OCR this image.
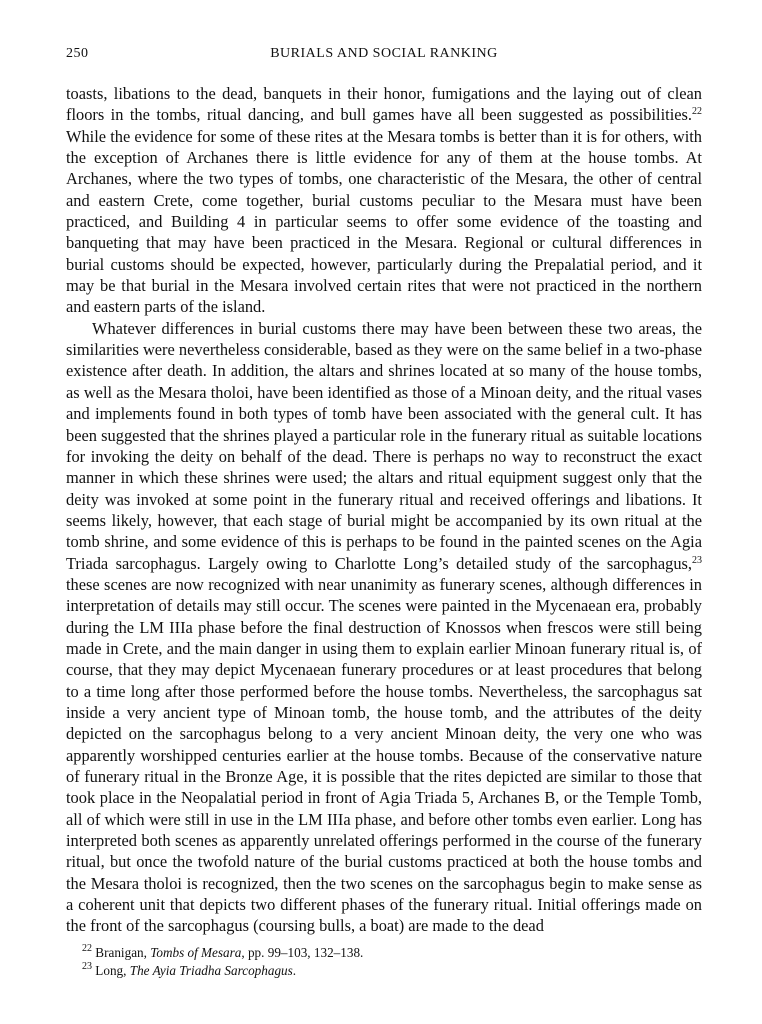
250	BURIALS AND SOCIAL RANKING

toasts, libations to the dead, banquets in their honor, fumigations and the laying out of clean floors in the tombs, ritual dancing, and bull games have all been suggested as possibilities.$^{22}$ While the evidence for some of these rites at the Mesara tombs is better than it is for others, with the exception of Archanes there is little evidence for any of them at the house tombs. At Archanes, where the two types of tombs, one characteristic of the Mesara, the other of central and eastern Crete, come together, burial customs peculiar to the Mesara must have been practiced, and Building 4 in particular seems to offer some evidence of the toasting and banqueting that may have been practiced in the Mesara. Regional or cultural differences in burial customs should be expected, however, particularly during the Prepalatial period, and it may be that burial in the Mesara involved certain rites that were not practiced in the northern and eastern parts of the island.

Whatever differences in burial customs there may have been between these two areas, the similarities were nevertheless considerable, based as they were on the same belief in a two-phase existence after death. In addition, the altars and shrines located at so many of the house tombs, as well as the Mesara tholoi, have been identified as those of a Minoan deity, and the ritual vases and implements found in both types of tomb have been associated with the general cult. It has been suggested that the shrines played a particular role in the funerary ritual as suitable locations for invoking the deity on behalf of the dead. There is perhaps no way to reconstruct the exact manner in which these shrines were used; the altars and ritual equipment suggest only that the deity was invoked at some point in the funerary ritual and received offerings and libations. It seems likely, however, that each stage of burial might be accompanied by its own ritual at the tomb shrine, and some evidence of this is perhaps to be found in the painted scenes on the Agia Triada sarcophagus. Largely owing to Charlotte Long’s detailed study of the sarcophagus,$^{23}$ these scenes are now recognized with near unanimity as funerary scenes, although differences in interpretation of details may still occur. The scenes were painted in the Mycenaean era, probably during the LM IIIa phase before the final destruction of Knossos when frescos were still being made in Crete, and the main danger in using them to explain earlier Minoan funerary ritual is, of course, that they may depict Mycenaean funerary procedures or at least procedures that belong to a time long after those performed before the house tombs. Nevertheless, the sarcophagus sat inside a very ancient type of Minoan tomb, the house tomb, and the attributes of the deity depicted on the sarcophagus belong to a very ancient Minoan deity, the very one who was apparently worshipped centuries earlier at the house tombs. Because of the conservative nature of funerary ritual in the Bronze Age, it is possible that the rites depicted are similar to those that took place in the Neopalatial period in front of Agia Triada 5, Archanes B, or the Temple Tomb, all of which were still in use in the LM IIIa phase, and before other tombs even earlier. Long has interpreted both scenes as apparently unrelated offerings performed in the course of the funerary ritual, but once the twofold nature of the burial customs practiced at both the house tombs and the Mesara tholoi is recognized, then the two scenes on the sarcophagus begin to make sense as a coherent unit that depicts two different phases of the funerary ritual. Initial offerings made on the front of the sarcophagus (coursing bulls, a boat) are made to the dead

$^{22}$ Branigan, Tombs of Mesara, pp. 99–103, 132–138.
$^{23}$ Long, The Ayia Triadha Sarcophagus.
